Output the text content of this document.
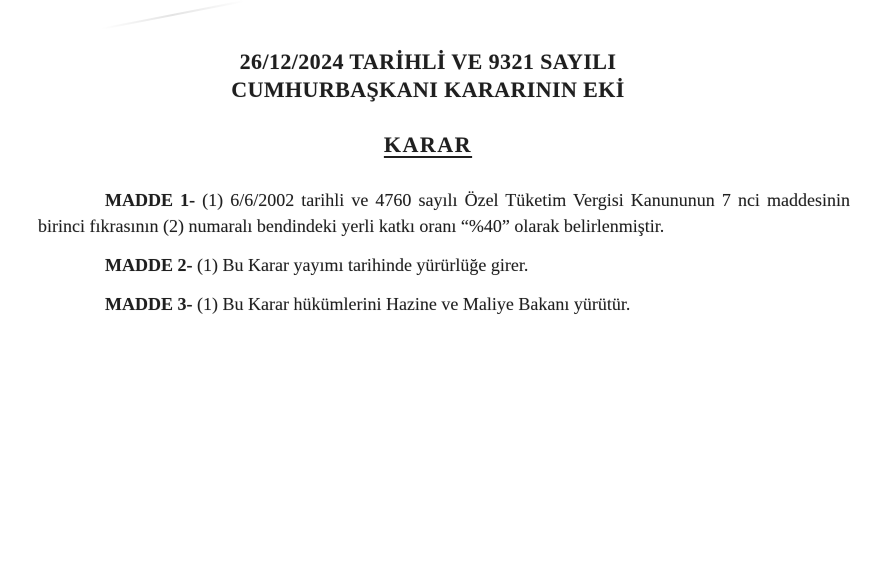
26/12/2024 TARİHLİ VE 9321 SAYILI
CUMHURBAŞKANI KARARININ EKİ
KARAR

MADDE 1- (1) 6/6/2002 tarihli ve 4760 sayılı Özel Tüketim Vergisi Kanununun 7 nci maddesinin birinci fıkrasının (2) numaralı bendindeki yerli katkı oranı “%40” olarak belirlenmiştir.

MADDE 2- (1) Bu Karar yayımı tarihinde yürürlüğe girer.

MADDE 3- (1) Bu Karar hükümlerini Hazine ve Maliye Bakanı yürütür.
